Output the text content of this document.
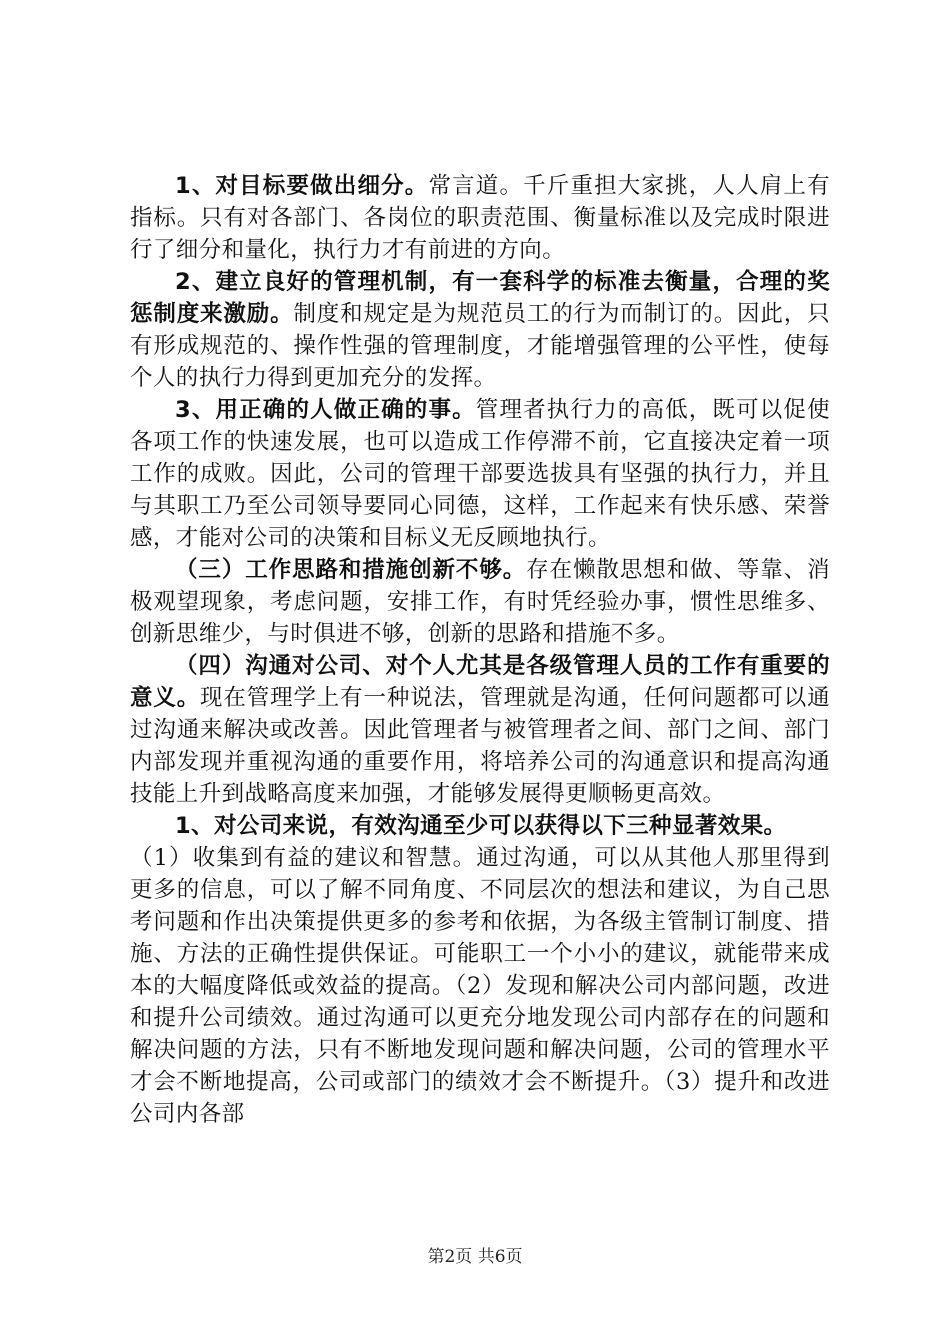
1、对目标要做出细分。常言道。千斤重担大家挑，人人肩上有指标。只有对各部门、各岗位的职责范围、衡量标准以及完成时限进行了细分和量化，执行力才有前进的方向。

2、建立良好的管理机制，有一套科学的标准去衡量，合理的奖惩制度来激励。制度和规定是为规范员工的行为而制订的。因此，只有形成规范的、操作性强的管理制度，才能增强管理的公平性，使每个人的执行力得到更加充分的发挥。

3、用正确的人做正确的事。管理者执行力的高低，既可以促使各项工作的快速发展，也可以造成工作停滞不前，它直接决定着一项工作的成败。因此，公司的管理干部要选拔具有坚强的执行力，并且与其职工乃至公司领导要同心同德，这样，工作起来有快乐感、荣誉感，才能对公司的决策和目标义无反顾地执行。

（三）工作思路和措施创新不够。存在懒散思想和做、等靠、消极观望现象，考虑问题，安排工作，有时凭经验办事，惯性思维多、创新思维少，与时俱进不够，创新的思路和措施不多。

（四）沟通对公司、对个人尤其是各级管理人员的工作有重要的意义。现在管理学上有一种说法，管理就是沟通，任何问题都可以通过沟通来解决或改善。因此管理者与被管理者之间、部门之间、部门内部发现并重视沟通的重要作用，将培养公司的沟通意识和提高沟通技能上升到战略高度来加强，才能够发展得更顺畅更高效。

1、对公司来说，有效沟通至少可以获得以下三种显著效果。

（1）收集到有益的建议和智慧。通过沟通，可以从其他人那里得到更多的信息，可以了解不同角度、不同层次的想法和建议，为自己思考问题和作出决策提供更多的参考和依据，为各级主管制订制度、措施、方法的正确性提供保证。可能职工一个小小的建议，就能带来成本的大幅度降低或效益的提高。（2）发现和解决公司内部问题，改进和提升公司绩效。通过沟通可以更充分地发现公司内部存在的问题和解决问题的方法，只有不断地发现问题和解决问题，公司的管理水平才会不断地提高，公司或部门的绩效才会不断提升。（3）提升和改进公司内各部

第2页 共6页
